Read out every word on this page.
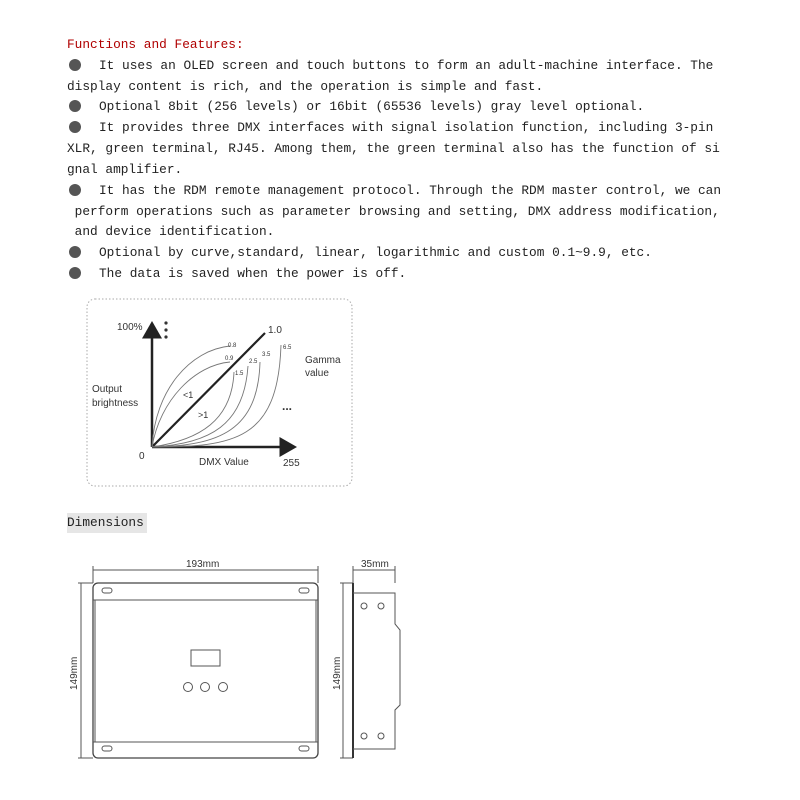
Functions and Features:
It uses an OLED screen and touch buttons to form an adult-machine interface. The
display content is rich, and the operation is simple and fast.
Optional 8bit (256 levels) or 16bit (65536 levels) gray level optional.
It provides three DMX interfaces with signal isolation function, including 3-pin
XLR, green terminal, RJ45. Among them, the green terminal also has the function of si
gnal amplifier.
It has the RDM remote management protocol. Through the RDM master control, we can
perform operations such as parameter browsing and setting, DMX address modification,
and device identification.
Optional by curve,standard, linear, logarithmic and custom 0.1~9.9, etc.
The data is saved when the power is off.
Dimensions
100%	1.0
0.8
0.9
1.5
2.5
3.5
6.5
Gamma
value
Output
brightness
<1
>1
...
0
DMX Value	255
193mm
149mm
35mm
149mm
